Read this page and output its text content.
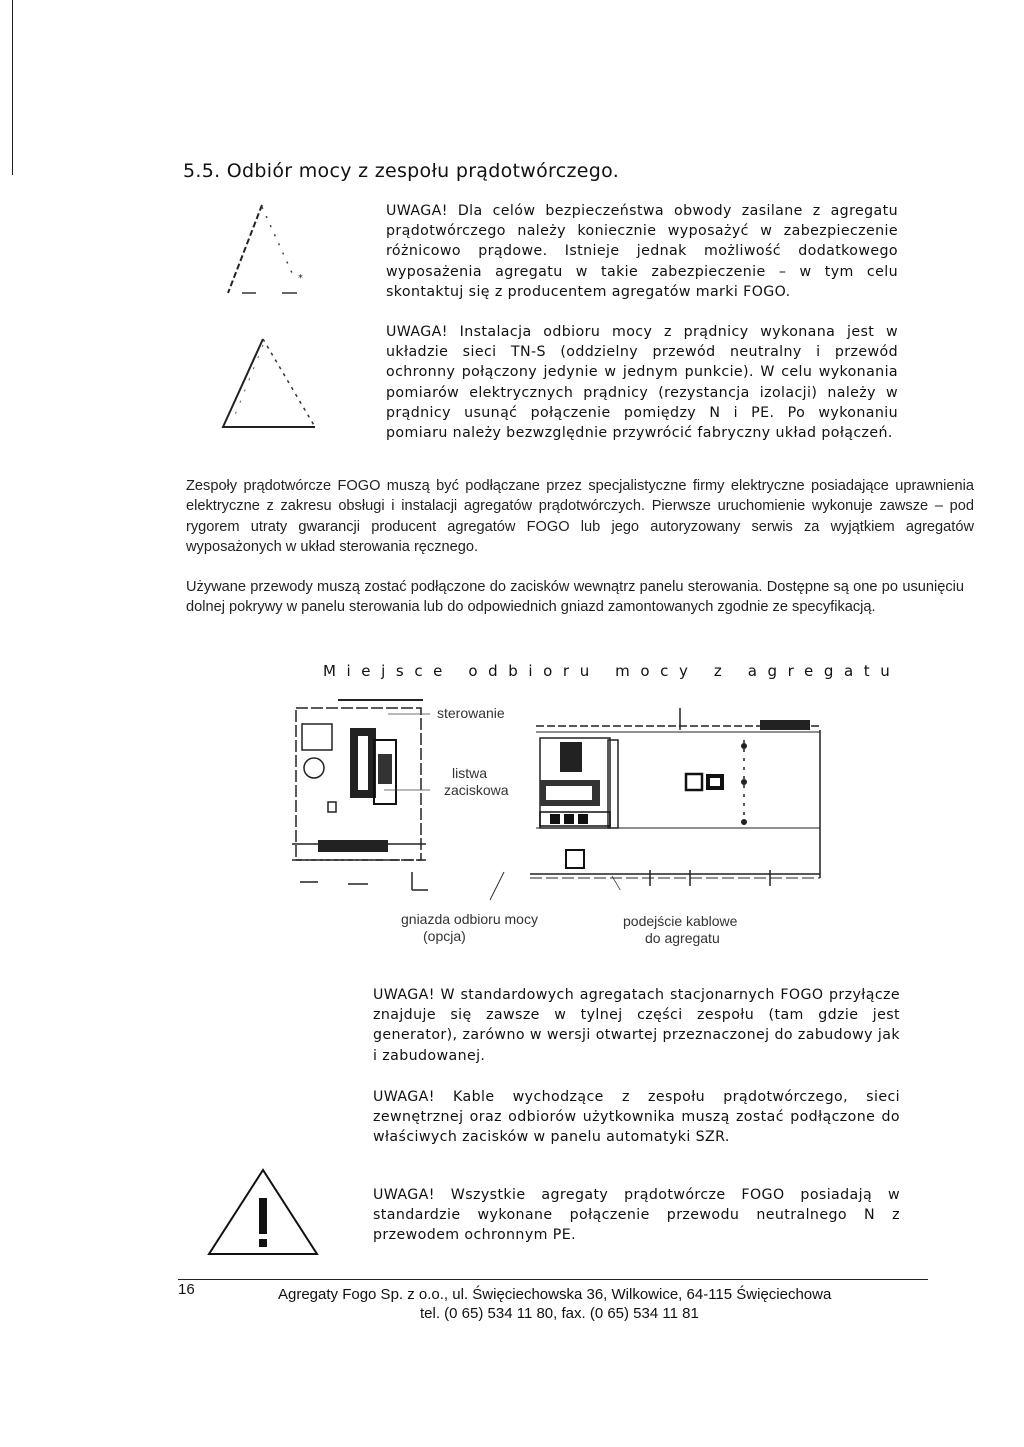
5.5. Odbiór mocy z zespołu prądotwórczego.
*
UWAGA! Dla celów bezpieczeństwa obwody zasilane z agregatu prądotwórczego należy koniecznie wyposażyć w zabezpieczenie różnicowo prądowe. Istnieje jednak możliwość dodatkowego wyposażenia agregatu w takie zabezpieczenie – w tym celu skontaktuj się z producentem agregatów marki FOGO.
UWAGA! Instalacja odbioru mocy z prądnicy wykonana jest w układzie sieci TN-S (oddzielny przewód neutralny i przewód ochronny połączony jedynie w jednym punkcie). W celu wykonania pomiarów elektrycznych prądnicy (rezystancja izolacji) należy w prądnicy usunąć połączenie pomiędzy N i PE. Po wykonaniu pomiaru należy bezwzględnie przywrócić fabryczny układ połączeń.
Zespoły prądotwórcze FOGO muszą być podłączane przez specjalistyczne firmy elektryczne posiadające uprawnienia elektryczne z zakresu obsługi i instalacji agregatów prądotwórczych. Pierwsze uruchomienie wykonuje zawsze – pod rygorem utraty gwarancji producent agregatów FOGO lub jego autoryzowany serwis za wyjątkiem agregatów wyposażonych w układ sterowania ręcznego.
Używane przewody muszą zostać podłączone do zacisków wewnątrz panelu sterowania. Dostępne są one po usunięciu dolnej pokrywy w panelu sterowania lub do odpowiednich gniazd zamontowanych zgodnie ze specyfikacją.
Miejsce odbioru mocy z agregatu
sterowanie
listwa
zaciskowa
gniazda odbioru mocy
(opcja)
podejście kablowe
do agregatu
UWAGA! W standardowych agregatach stacjonarnych FOGO przyłącze znajduje się zawsze w tylnej części zespołu (tam gdzie jest generator), zarówno w wersji otwartej przeznaczonej do zabudowy jak i zabudowanej.
UWAGA! Kable wychodzące z zespołu prądotwórczego, sieci zewnętrznej oraz odbiorów użytkownika muszą zostać podłączone do właściwych zacisków w panelu automatyki SZR.
UWAGA! Wszystkie agregaty prądotwórcze FOGO posiadają w standardzie wykonane połączenie przewodu neutralnego N z przewodem ochronnym PE.
16	Agregaty Fogo Sp. z o.o., ul. Święciechowska 36, Wilkowice, 64-115 Święciechowa
tel. (0 65) 534 11 80, fax. (0 65) 534 11 81
